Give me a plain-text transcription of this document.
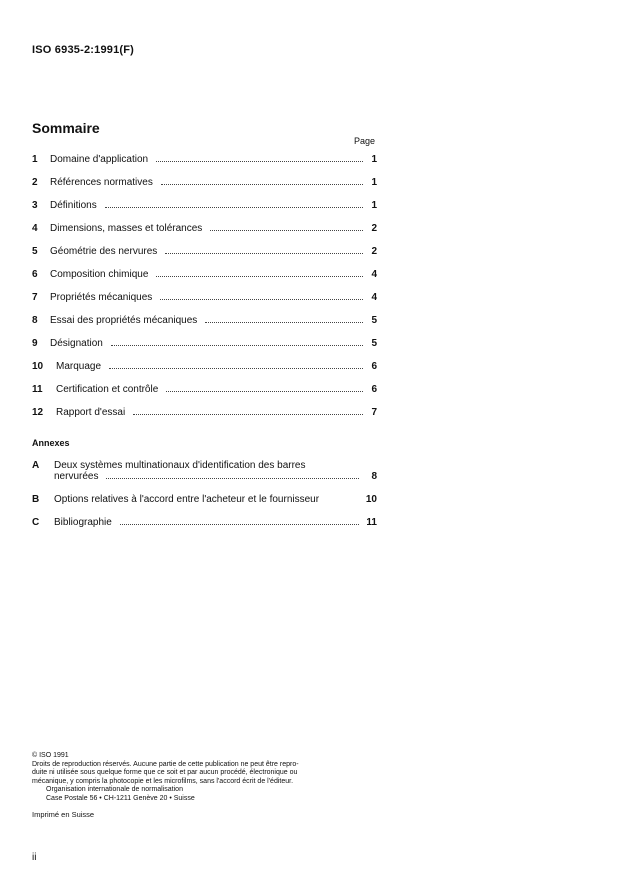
ISO 6935-2:1991(F)
Sommaire
Page
1	Domaine d'application	1
2	Références normatives	1
3	Définitions	1
4	Dimensions, masses et tolérances	2
5	Géométrie des nervures	2
6	Composition chimique	4
7	Propriétés mécaniques	4
8	Essai des propriétés mécaniques	5
9	Désignation	5
10	Marquage	6
11	Certification et contrôle	6
12	Rapport d'essai	7
Annexes
A	Deux systèmes multinationaux d'identification des barres
nervurées	8
B	Options relatives à l'accord entre l'acheteur et le fournisseur	10
C	Bibliographie	11
© ISO 1991
Droits de reproduction réservés. Aucune partie de cette publication ne peut être repro-
duite ni utilisée sous quelque forme que ce soit et par aucun procédé, électronique ou
mécanique, y compris la photocopie et les microfilms, sans l'accord écrit de l'éditeur.
Organisation internationale de normalisation
Case Postale 56 • CH-1211 Genève 20 • Suisse
Imprimé en Suisse
ii
